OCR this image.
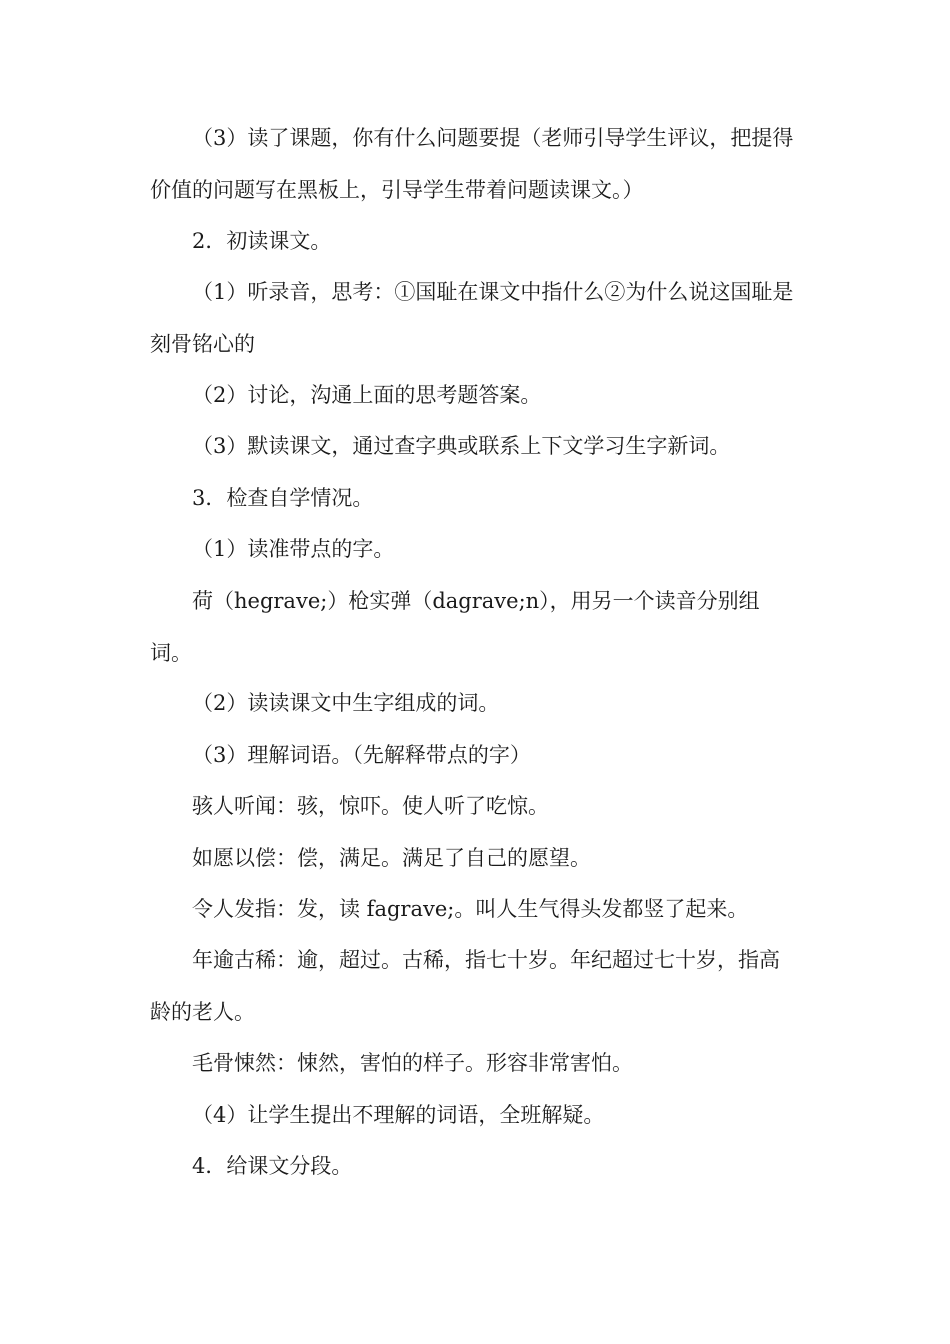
（3）读了课题，你有什么问题要提（老师引导学生评议，把提得价值的问题写在黑板上，引导学生带着问题读课文。）

2．初读课文。

（1）听录音，思考：①国耻在课文中指什么②为什么说这国耻是刻骨铭心的

（2）讨论，沟通上面的思考题答案。

（3）默读课文，通过查字典或联系上下文学习生字新词。

3．检查自学情况。

（1）读准带点的字。

荷（hegrave;）枪实弹（dagrave;n），用另一个读音分别组词。

（2）读读课文中生字组成的词。

（3）理解词语。（先解释带点的字）

骇人听闻：骇，惊吓。使人听了吃惊。

如愿以偿：偿，满足。满足了自己的愿望。

令人发指：发，读 fagrave;。叫人生气得头发都竖了起来。

年逾古稀：逾，超过。古稀，指七十岁。年纪超过七十岁，指高龄的老人。

毛骨悚然：悚然，害怕的样子。形容非常害怕。

（4）让学生提出不理解的词语，全班解疑。

4．给课文分段。
